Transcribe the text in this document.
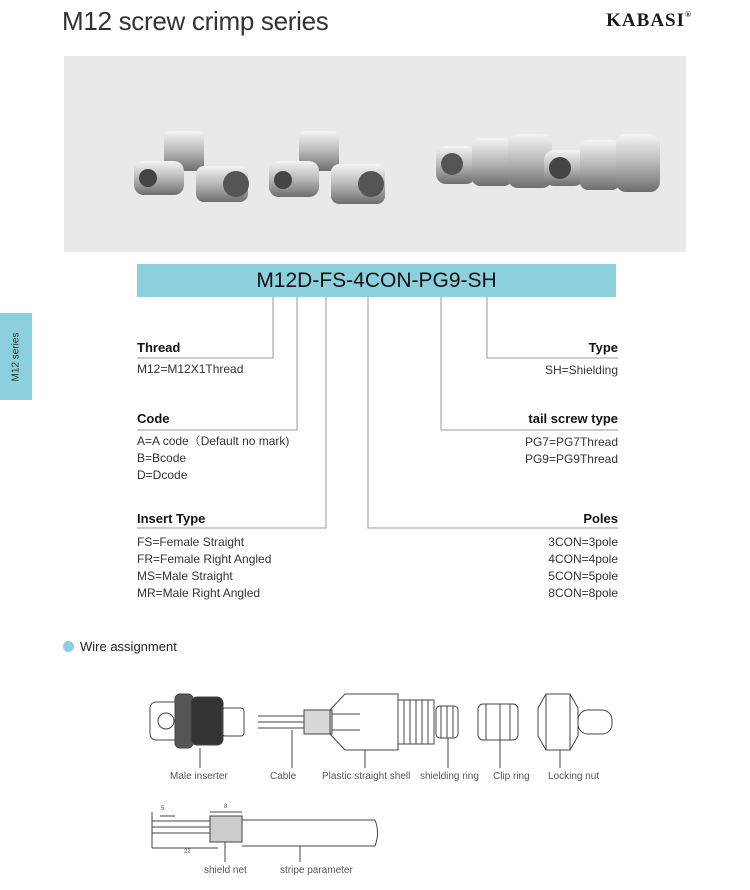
M12 screw crimp series	KABASI®
M12D-FS-4CON-PG9-SH
M12 series	Thread
M12=M12X1Thread
Code
A=A code（Default no mark)
B=Bcode
D=Dcode
Insert Type
FS=Female Straight
FR=Female Right Angled
MS=Male Straight
MR=Male Right Angled
Type
SH=Shielding
tail screw type
PG7=PG7Thread
PG9=PG9Thread
Poles
3CON=3pole
4CON=4pole
5CON=5pole
8CON=8pole
Wire assignment
Male inserter	Cable	Plastic straight shell shielding ring Clip ring Locking nut
5	8
22
shield net	stripe parameter
